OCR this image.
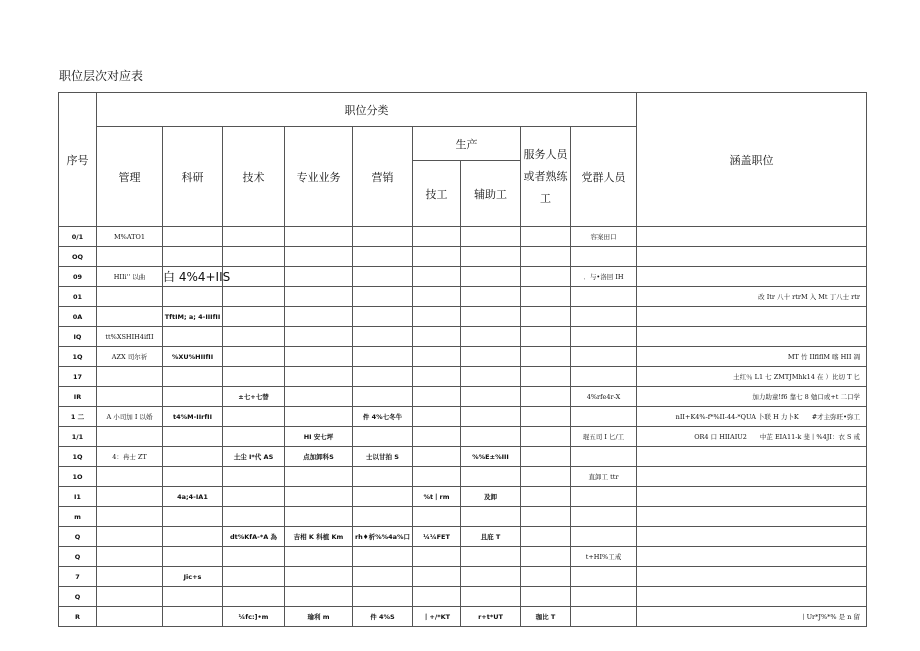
职位层次对应表
序号	职位分类									涵盖职位
	管理	科研	技术	专业业务	营销	生产		服务人员或者熟练工	党群人员	
						技工	辅助工			
0/1	M%ATO1								容案田口	
OQ										
09	HIIi'' 以曲	白 4%4+IIS							．与•洛回 IH	
01										改 Itr 八十 rtrM 入 Mt 丁八士 rtr
0A		TftIM; a; 4-IIIfII								
IQ	tt%XSHIH4ifII									
1Q	AZX 司尔祈	%XU%HIIfII								MT 竹 IIflflM 喀 HII 凋
17										土红％ L1 七 ZMTJMhk14 在 ）比切 T 匕
IR			±七+七替						4%rfe4r-X	加力助童!f6 靠七 8 勉口或+t 二口学
1 二	A 小司加 I 以婚	t4%M-IIrfII			件 4%七冬牛					nII+K4%-f*%II-44-*QUA 卜联 H 力卜K　　#才主弥旺•弥工
1/1				HI 安七坪					琨五司 I 匕/工	OR4 口 HIIAIU2　　中芷 EIA11-k 斐丨%4JI：衣 S 戒
1Q	4：冉士 ZT		土尘 I*代 AS	点加卸科S	士以甘拍 S		%%E±%III			
1O									直卸工 ttr	
I1		4a;4-IA1				%t丨rm	及卸			
m										
Q			dt%KfA-*A 為	吉相 K 科植 Km	rh♦析%%4a%口	¼¼FET	且庇 T			
Q									t+HI%工戒	
7		Jic+s								
Q										
R			¼fc:]•m	瑜利 m	件 4%S	丨+/*KT	r+t*UT	珈比 T		丨Ur*J%*% 是 n 留
